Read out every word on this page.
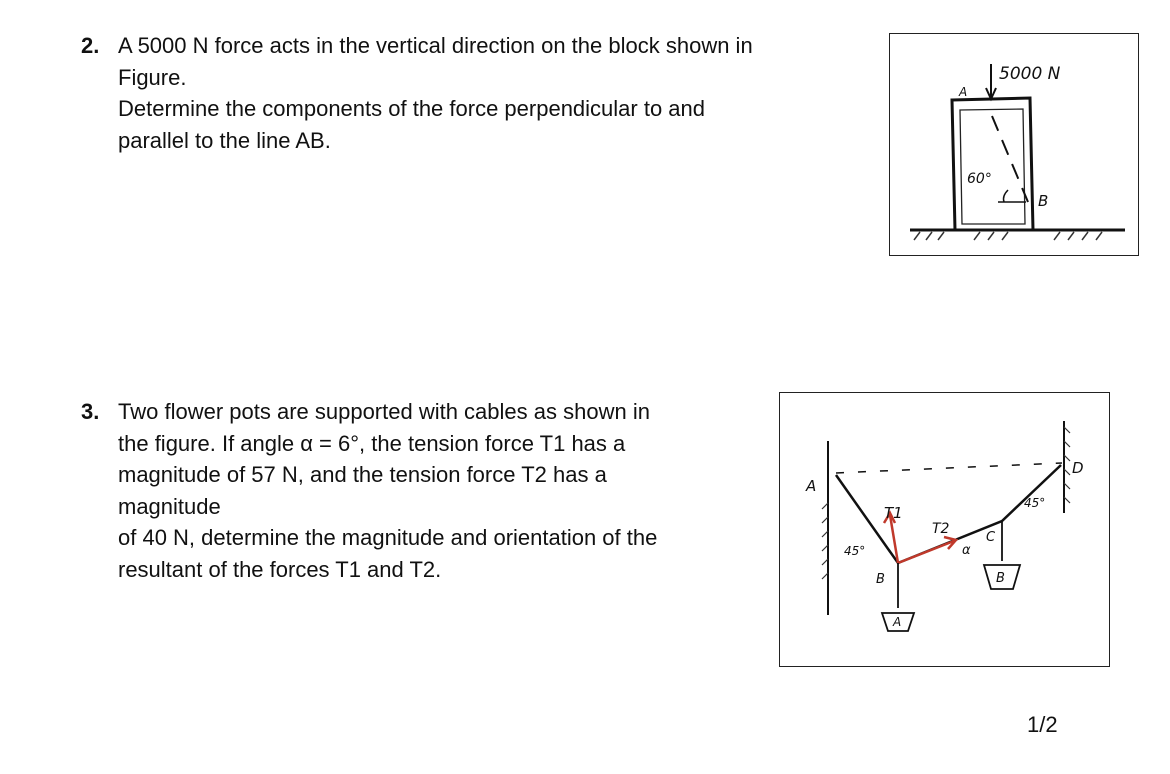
2. A 5000 N force acts in the vertical direction on the block shown in
Figure.
Determine the components of the force perpendicular to and
parallel to the line AB.
5000 N
A
B
60°
3. Two flower pots are supported with cables as shown in
the figure. If angle α = 6°, the tension force T1 has a
magnitude of 57 N, and the tension force T2 has a
magnitude
of 40 N, determine the magnitude and orientation of the
resultant of the forces T1 and T2.
A
D
T1
T2
45°
45°
α
B
C
A
B
1/2
